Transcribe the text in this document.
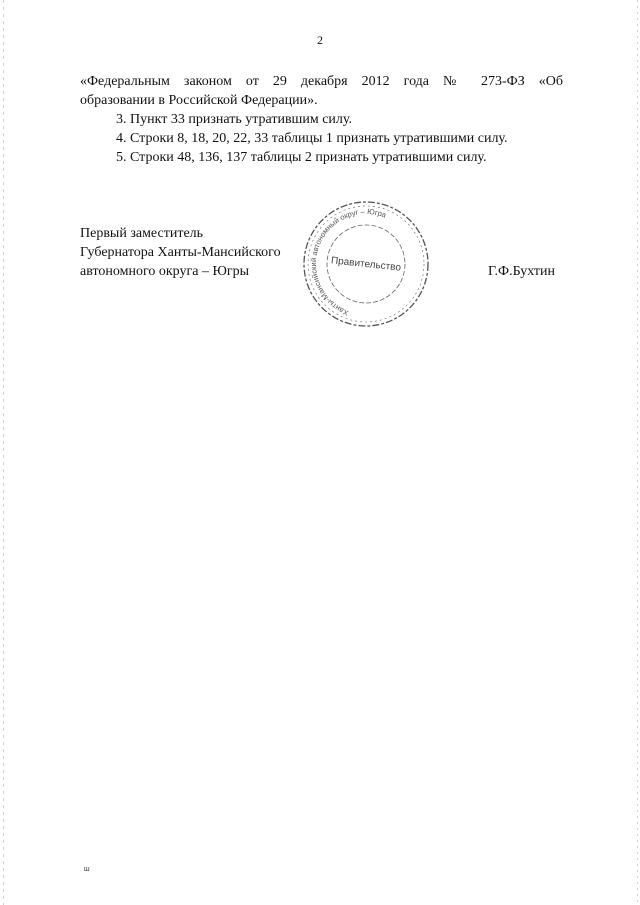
2

«Федеральным законом от 29 декабря 2012 года № 273-ФЗ «Об

образовании в Российской Федерации».

3. Пункт 33 признать утратившим силу.

4. Строки 8, 18, 20, 22, 33 таблицы 1 признать утратившими силу.

5. Строки 48, 136, 137 таблицы 2 признать утратившими силу.

Первый заместитель
Губернатора Ханты-Мансийского
автономного округа – Югры
Ханты-Мансийский автономный округ – Югра
Правительство	Г.Ф.Бухтин
ш
